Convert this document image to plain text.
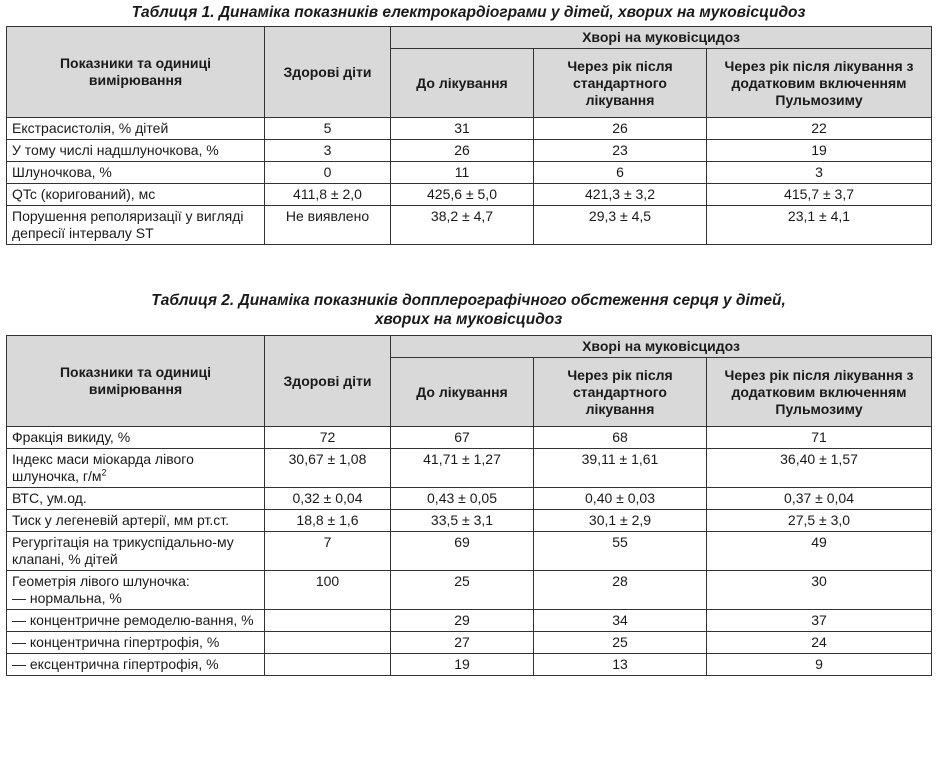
Таблиця 1. Динаміка показників електрокардіограми у дітей, хворих на муковісцидоз
Показники та одиниці вимірювання	Здорові діти	Хворі на муковісцидоз		
		До лікування	Через рік після стандартного лікування	Через рік після лікування з додатковим включенням Пульмозиму
Екстрасистолія, % дітей	5	31	26	22
У тому числі надшлуночкова, %	3	26	23	19
Шлуночкова, %	0	11	6	3
QTc (коригований), мс	411,8 ± 2,0	425,6 ± 5,0	421,3 ± 3,2	415,7 ± 3,7
Порушення реполяризації у вигляді депресії інтервалу ST	Не виявлено	38,2 ± 4,7	29,3 ± 4,5	23,1 ± 4,1
Таблиця 2. Динаміка показників допплерографічного обстеження серця у дітей,
хворих на муковісцидоз
Показники та одиниці вимірювання	Здорові діти	Хворі на муковісцидоз		
		До лікування	Через рік після стандартного лікування	Через рік після лікування з додатковим включенням Пульмозиму
Фракція викиду, %	72	67	68	71
Індекс маси міокарда лівого шлуночка, $г/м^2$	30,67 ± 1,08	41,71 ± 1,27	39,11 ± 1,61	36,40 ± 1,57
ВТС, ум.од.	0,32 ± 0,04	0,43 ± 0,05	0,40 ± 0,03	0,37 ± 0,04
Тиск у легеневій артерії, мм рт.ст.	18,8 ± 1,6	33,5 ± 3,1	30,1 ± 2,9	27,5 ± 3,0
Регургітація на трикуспідально-му клапані, % дітей	7	69	55	49
Геометрія лівого шлуночка:
— нормальна, %	100	25	28	30
— концентричне ремоделю-вання, %		29	34	37
— концентрична гіпертрофія, %		27	25	24
— ексцентрична гіпертрофія, %		19	13	9
